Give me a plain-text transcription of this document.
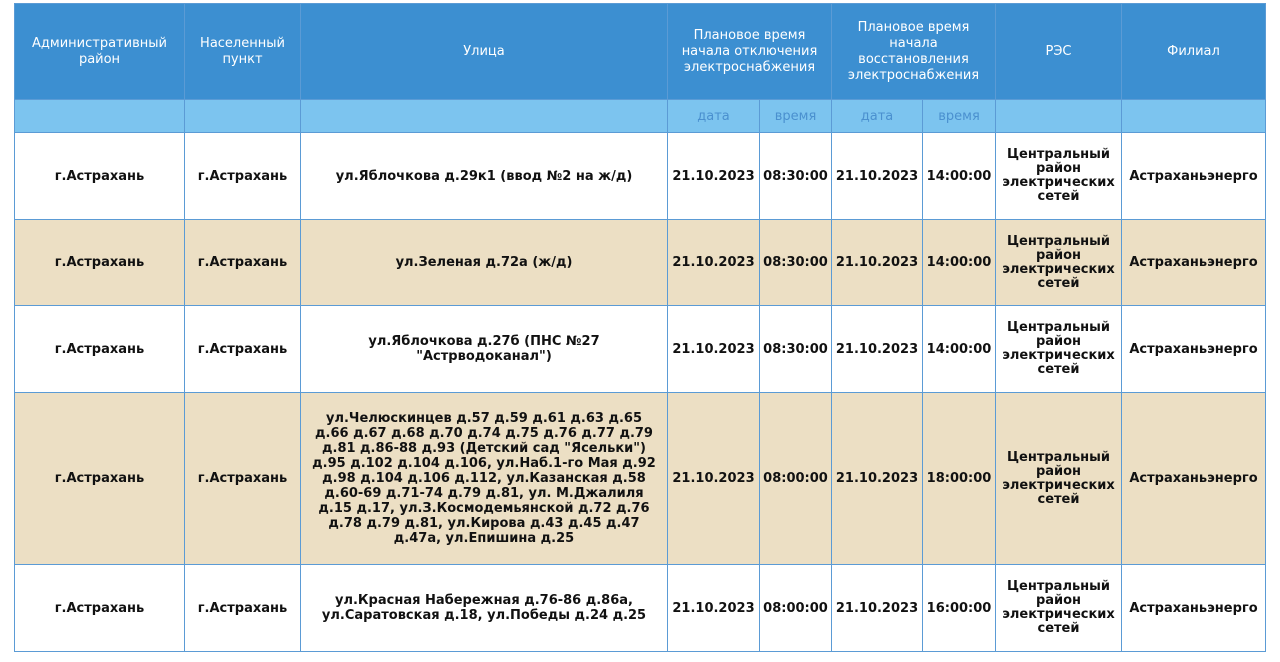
Административный район	Населенный пункт	Улица	Плановое время начала отключения электроснабжения		Плановое время начала восстановления электроснабжения		РЭС	Филиал
			дата	время	дата	время		
г.Астрахань	г.Астрахань	ул.Яблочкова д.29к1 (ввод №2 на ж/д)	21.10.2023	08:30:00	21.10.2023	14:00:00	Центральный район электрических сетей	Астраханьэнерго
г.Астрахань	г.Астрахань	ул.Зеленая д.72а (ж/д)	21.10.2023	08:30:00	21.10.2023	14:00:00	Центральный район электрических сетей	Астраханьэнерго
г.Астрахань	г.Астрахань	ул.Яблочкова д.27б (ПНС №27 "Астрводоканал")	21.10.2023	08:30:00	21.10.2023	14:00:00	Центральный район электрических сетей	Астраханьэнерго
г.Астрахань	г.Астрахань	ул.Челюскинцев д.57 д.59 д.61 д.63 д.65 д.66 д.67 д.68 д.70 д.74 д.75 д.76 д.77 д.79 д.81 д.86-88 д.93 (Детский сад "Ясельки") д.95 д.102 д.104 д.106, ул.Наб.1-го Мая д.92 д.98 д.104 д.106 д.112, ул.Казанская д.58 д.60-69 д.71-74 д.79 д.81, ул. М.Джалиля д.15 д.17, ул.З.Космодемьянской д.72 д.76 д.78 д.79 д.81, ул.Кирова д.43 д.45 д.47 д.47а, ул.Епишина д.25	21.10.2023	08:00:00	21.10.2023	18:00:00	Центральный район электрических сетей	Астраханьэнерго
г.Астрахань	г.Астрахань	ул.Красная Набережная д.76-86 д.86а, ул.Саратовская д.18, ул.Победы д.24 д.25	21.10.2023	08:00:00	21.10.2023	16:00:00	Центральный район электрических сетей	Астраханьэнерго
